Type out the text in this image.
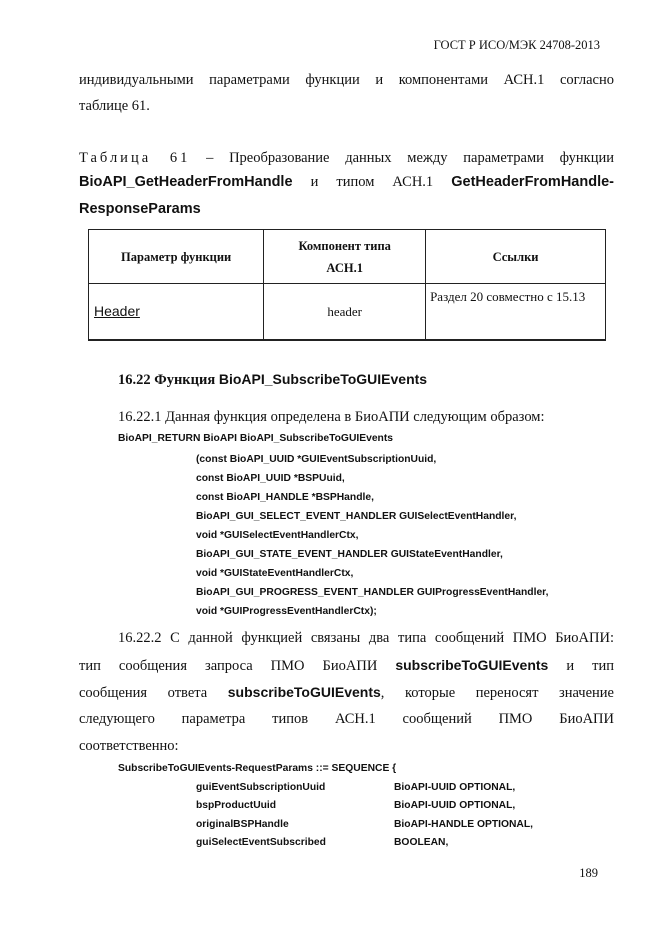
ГОСТ Р ИСО/МЭК 24708-2013
индивидуальными параметрами функции и компонентами АСН.1 согласно
таблице 61.
Таблица 61 – Преобразование данных между параметрами функции
BioAPI_GetHeaderFromHandle и типом АСН.1 GetHeaderFromHandle-
ResponseParams
Параметр функции	Компонент типа АСН.1	Ссылки
Header	header	Раздел 20 совместно с 15.13
16.22 Функция BioAPI_SubscribeToGUIEvents
16.22.1 Данная функция определена в БиоАПИ следующим образом:
BioAPI_RETURN BioAPI BioAPI_SubscribeToGUIEvents
(const BioAPI_UUID *GUIEventSubscriptionUuid,
const BioAPI_UUID *BSPUuid,
const BioAPI_HANDLE *BSPHandle,
BioAPI_GUI_SELECT_EVENT_HANDLER GUISelectEventHandler,
void *GUISelectEventHandlerCtx,
BioAPI_GUI_STATE_EVENT_HANDLER GUIStateEventHandler,
void *GUIStateEventHandlerCtx,
BioAPI_GUI_PROGRESS_EVENT_HANDLER GUIProgressEventHandler,
void *GUIProgressEventHandlerCtx);
16.22.2 С данной функцией связаны два типа сообщений ПМО БиоАПИ:
тип сообщения запроса ПМО БиоАПИ subscribeToGUIEvents и тип
сообщения ответа subscribeToGUIEvents, которые переносят значение
следующего параметра типов АСН.1 сообщений ПМО БиоАПИ
соответственно:
SubscribeToGUIEvents-RequestParams ::= SEQUENCE {
guiEventSubscriptionUuid	BioAPI-UUID OPTIONAL,
bspProductUuid	BioAPI-UUID OPTIONAL,
originalBSPHandle	BioAPI-HANDLE OPTIONAL,
guiSelectEventSubscribed	BOOLEAN,
189
